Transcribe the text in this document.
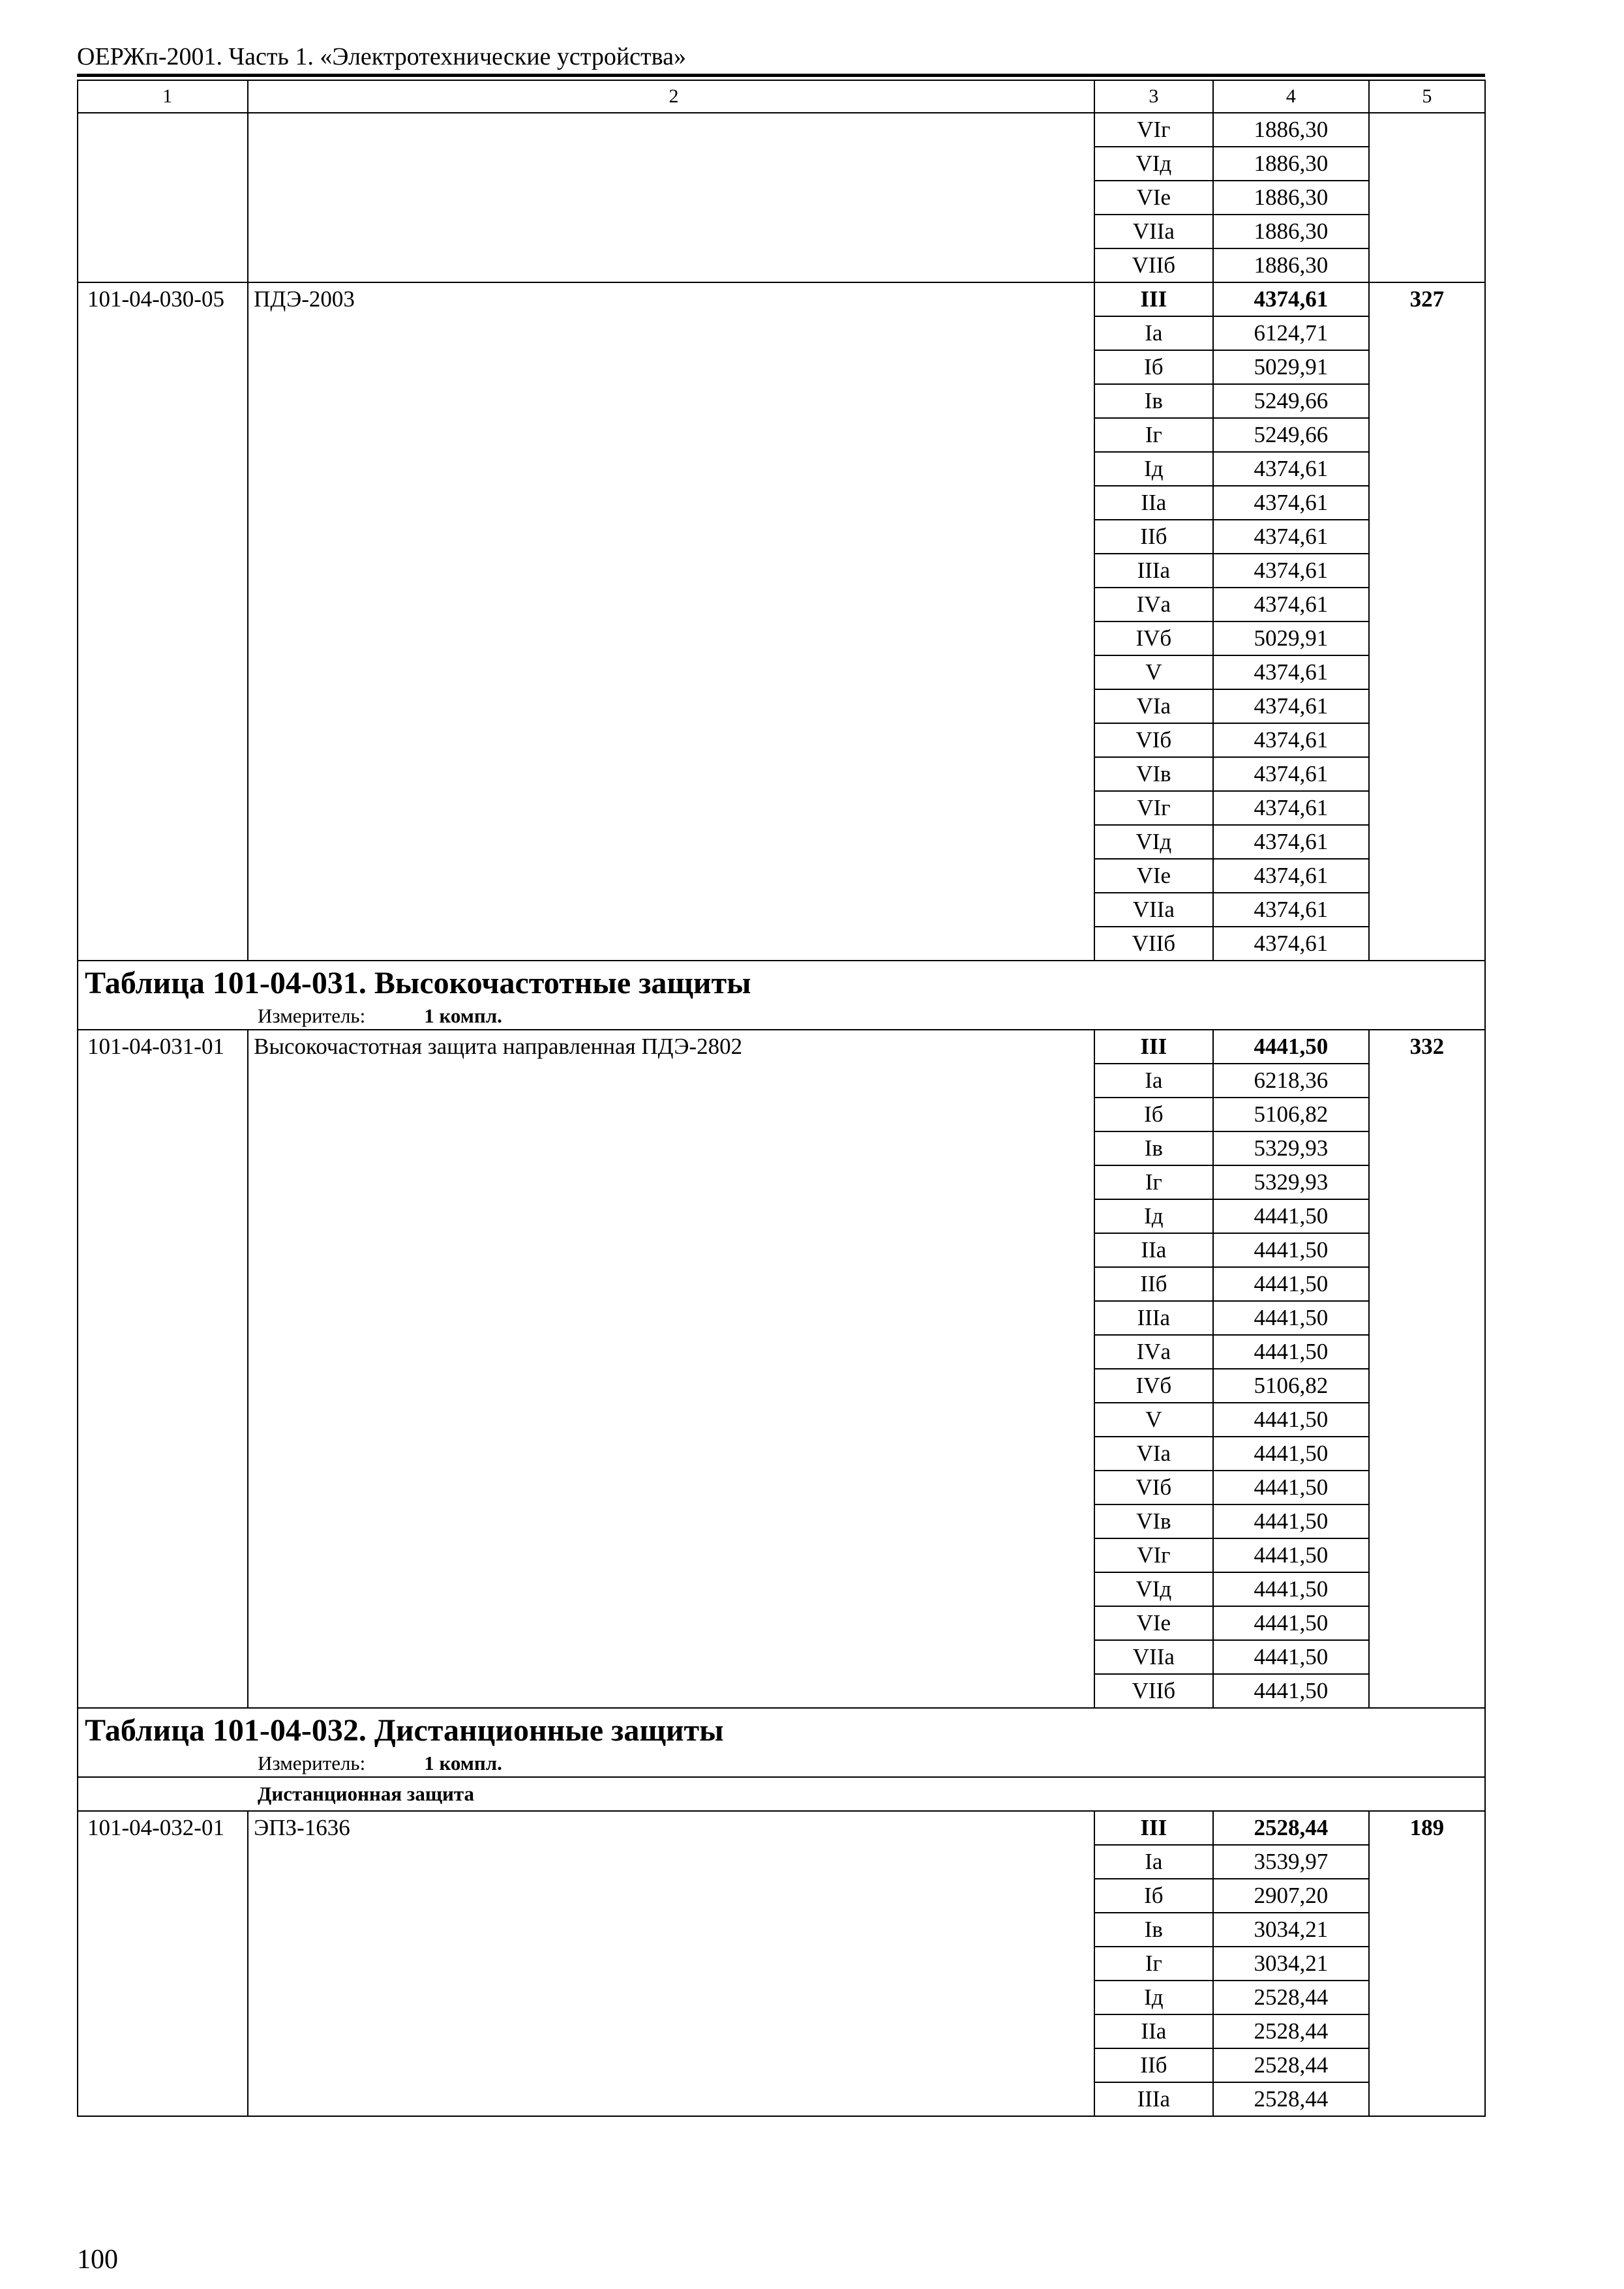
ОЕРЖп-2001. Часть 1. «Электротехнические устройства»
1	2	3	4	5
		VIг	1886,30	
		VIд	1886,30	
		VIе	1886,30	
		VIIа	1886,30	
		VIIб	1886,30	
101-04-030-05	ПДЭ-2003	III	4374,61	327
		Iа	6124,71	
		Iб	5029,91	
		Iв	5249,66	
		Iг	5249,66	
		Iд	4374,61	
		IIа	4374,61	
		IIб	4374,61	
		IIIа	4374,61	
		IVа	4374,61	
		IVб	5029,91	
		V	4374,61	
		VIа	4374,61	
		VIб	4374,61	
		VIв	4374,61	
		VIг	4374,61	
		VIд	4374,61	
		VIе	4374,61	
		VIIа	4374,61	
		VIIб	4374,61	

Таблица 101-04-031. Высокочастотные защиты
Измеритель: 1 компл.				

101-04-031-01	Высокочастотная защита направленная ПДЭ-2802	III	4441,50	332
		Iа	6218,36	
		Iб	5106,82	
		Iв	5329,93	
		Iг	5329,93	
		Iд	4441,50	
		IIа	4441,50	
		IIб	4441,50	
		IIIа	4441,50	
		IVа	4441,50	
		IVб	5106,82	
		V	4441,50	
		VIа	4441,50	
		VIб	4441,50	
		VIв	4441,50	
		VIг	4441,50	
		VIд	4441,50	
		VIе	4441,50	
		VIIа	4441,50	
		VIIб	4441,50	

Таблица 101-04-032. Дистанционные защиты
Измеритель: 1 компл.				

Дистанционная защита				
101-04-032-01	ЭПЗ-1636	III	2528,44	189
		Iа	3539,97	
		Iб	2907,20	
		Iв	3034,21	
		Iг	3034,21	
		Iд	2528,44	
		IIа	2528,44	
		IIб	2528,44	
		IIIа	2528,44	
100
